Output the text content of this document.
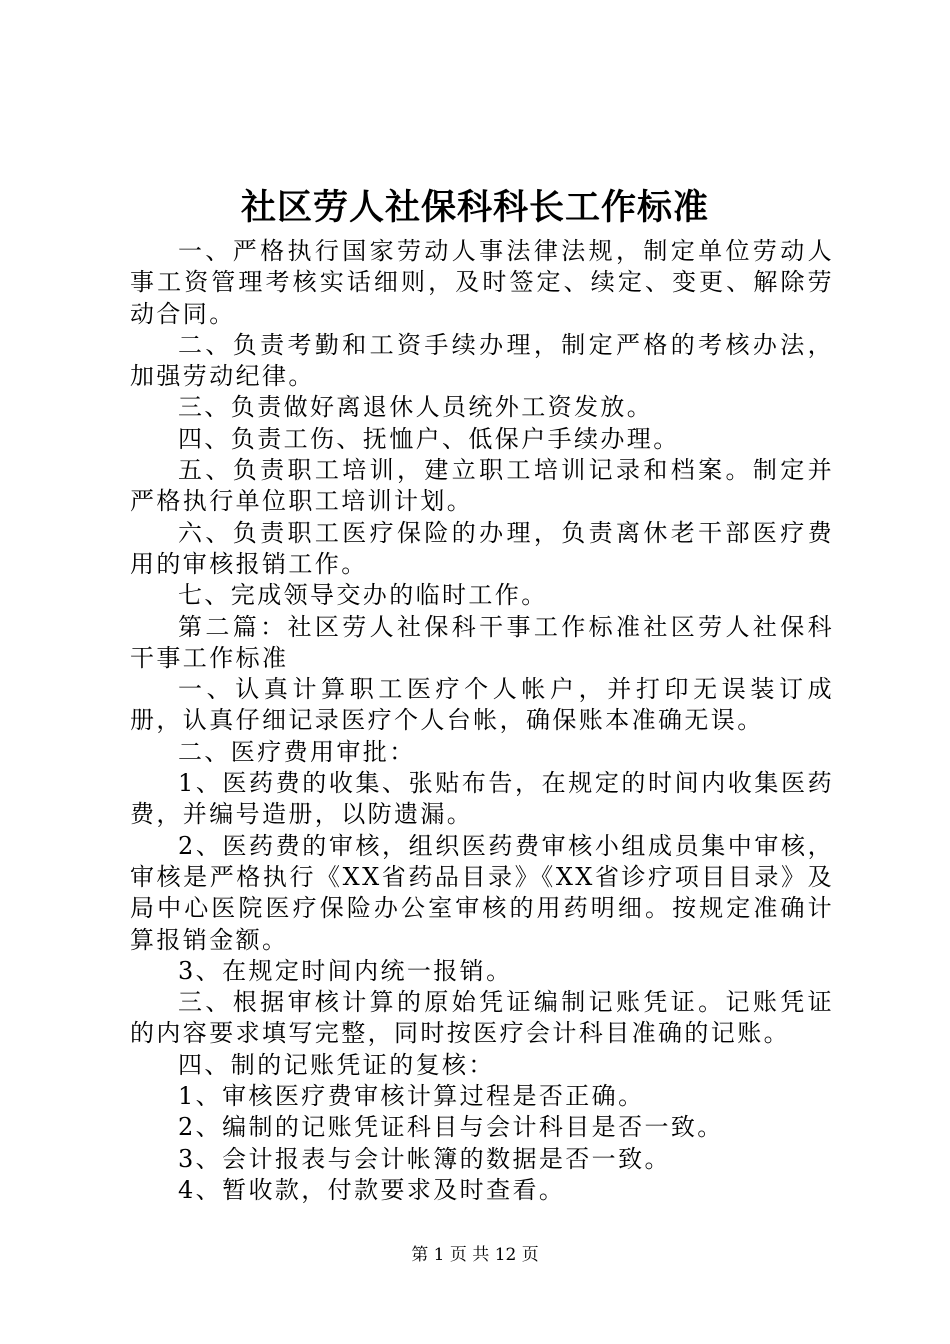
社区劳人社保科科长工作标准

一、严格执行国家劳动人事法律法规，制定单位劳动人事工资管理考核实话细则，及时签定、续定、变更、解除劳动合同。

二、负责考勤和工资手续办理，制定严格的考核办法，加强劳动纪律。

三、负责做好离退休人员统外工资发放。

四、负责工伤、抚恤户、低保户手续办理。

五、负责职工培训，建立职工培训记录和档案。制定并严格执行单位职工培训计划。

六、负责职工医疗保险的办理，负责离休老干部医疗费用的审核报销工作。

七、完成领导交办的临时工作。

第二篇：社区劳人社保科干事工作标准社区劳人社保科干事工作标准

一、认真计算职工医疗个人帐户，并打印无误装订成册，认真仔细记录医疗个人台帐，确保账本准确无误。

二、医疗费用审批：

1、医药费的收集、张贴布告，在规定的时间内收集医药费，并编号造册，以防遗漏。

2、医药费的审核，组织医药费审核小组成员集中审核，审核是严格执行《XX省药品目录》《XX省诊疗项目目录》及局中心医院医疗保险办公室审核的用药明细。按规定准确计算报销金额。

3、在规定时间内统一报销。

三、根据审核计算的原始凭证编制记账凭证。记账凭证的内容要求填写完整，同时按医疗会计科目准确的记账。

四、制的记账凭证的复核：

1、审核医疗费审核计算过程是否正确。

2、编制的记账凭证科目与会计科目是否一致。

3、会计报表与会计帐簿的数据是否一致。

4、暂收款，付款要求及时查看。

第 1 页 共 12 页
